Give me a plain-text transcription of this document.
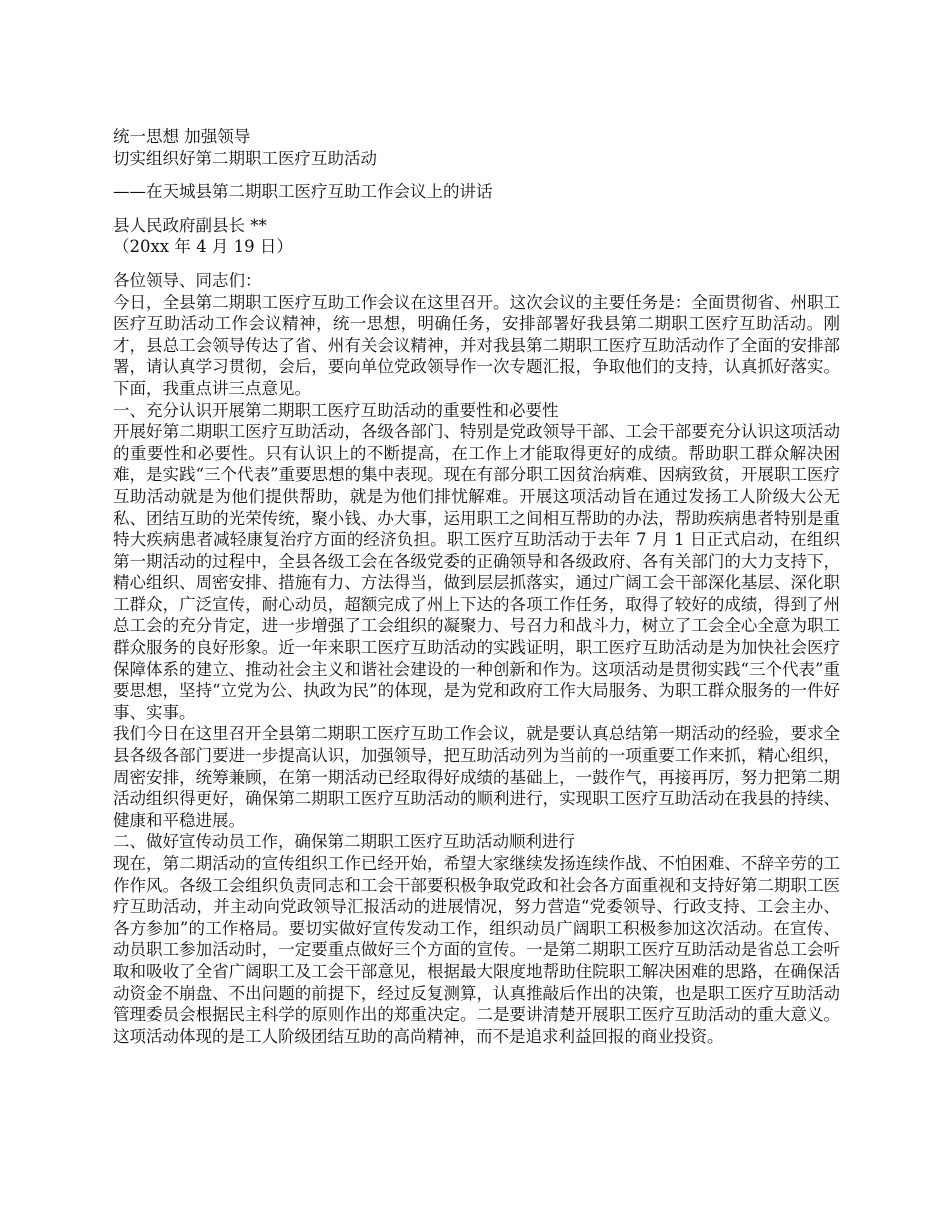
统一思想 加强领导
切实组织好第二期职工医疗互助活动
——在天城县第二期职工医疗互助工作会议上的讲话
县人民政府副县长 **
（20xx 年 4 月 19 日）
各位领导、同志们：

今日，全县第二期职工医疗互助工作会议在这里召开。这次会议的主要任务是：全面贯彻省、州职工医疗互助活动工作会议精神，统一思想，明确任务，安排部署好我县第二期职工医疗互助活动。刚才，县总工会领导传达了省、州有关会议精神，并对我县第二期职工医疗互助活动作了全面的安排部署，请认真学习贯彻，会后，要向单位党政领导作一次专题汇报，争取他们的支持，认真抓好落实。下面，我重点讲三点意见。

一、充分认识开展第二期职工医疗互助活动的重要性和必要性

开展好第二期职工医疗互助活动，各级各部门、特别是党政领导干部、工会干部要充分认识这项活动的重要性和必要性。只有认识上的不断提高，在工作上才能取得更好的成绩。帮助职工群众解决困难，是实践“三个代表”重要思想的集中表现。现在有部分职工因贫治病难、因病致贫，开展职工医疗互助活动就是为他们提供帮助，就是为他们排忧解难。开展这项活动旨在通过发扬工人阶级大公无私、团结互助的光荣传统，聚小钱、办大事，运用职工之间相互帮助的办法，帮助疾病患者特别是重特大疾病患者减轻康复治疗方面的经济负担。职工医疗互助活动于去年 7 月 1 日正式启动，在组织第一期活动的过程中，全县各级工会在各级党委的正确领导和各级政府、各有关部门的大力支持下，精心组织、周密安排、措施有力、方法得当，做到层层抓落实，通过广阔工会干部深化基层、深化职工群众，广泛宣传，耐心动员，超额完成了州上下达的各项工作任务，取得了较好的成绩，得到了州总工会的充分肯定，进一步增强了工会组织的凝聚力、号召力和战斗力，树立了工会全心全意为职工群众服务的良好形象。近一年来职工医疗互助活动的实践证明，职工医疗互助活动是为加快社会医疗保障体系的建立、推动社会主义和谐社会建设的一种创新和作为。这项活动是贯彻实践“三个代表”重要思想，坚持“立党为公、执政为民”的体现，是为党和政府工作大局服务、为职工群众服务的一件好事、实事。

我们今日在这里召开全县第二期职工医疗互助工作会议，就是要认真总结第一期活动的经验，要求全县各级各部门要进一步提高认识，加强领导，把互助活动列为当前的一项重要工作来抓，精心组织，周密安排，统筹兼顾，在第一期活动已经取得好成绩的基础上，一鼓作气，再接再厉，努力把第二期活动组织得更好，确保第二期职工医疗互助活动的顺利进行，实现职工医疗互助活动在我县的持续、健康和平稳进展。

二、做好宣传动员工作，确保第二期职工医疗互助活动顺利进行

现在，第二期活动的宣传组织工作已经开始，希望大家继续发扬连续作战、不怕困难、不辞辛劳的工作作风。各级工会组织负责同志和工会干部要积极争取党政和社会各方面重视和支持好第二期职工医疗互助活动，并主动向党政领导汇报活动的进展情况，努力营造“党委领导、行政支持、工会主办、各方参加”的工作格局。要切实做好宣传发动工作，组织动员广阔职工积极参加这次活动。在宣传、动员职工参加活动时，一定要重点做好三个方面的宣传。一是第二期职工医疗互助活动是省总工会听取和吸收了全省广阔职工及工会干部意见，根据最大限度地帮助住院职工解决困难的思路，在确保活动资金不崩盘、不出问题的前提下，经过反复测算，认真推敲后作出的决策，也是职工医疗互助活动管理委员会根据民主科学的原则作出的郑重决定。二是要讲清楚开展职工医疗互助活动的重大意义。这项活动体现的是工人阶级团结互助的高尚精神，而不是追求利益回报的商业投资。
